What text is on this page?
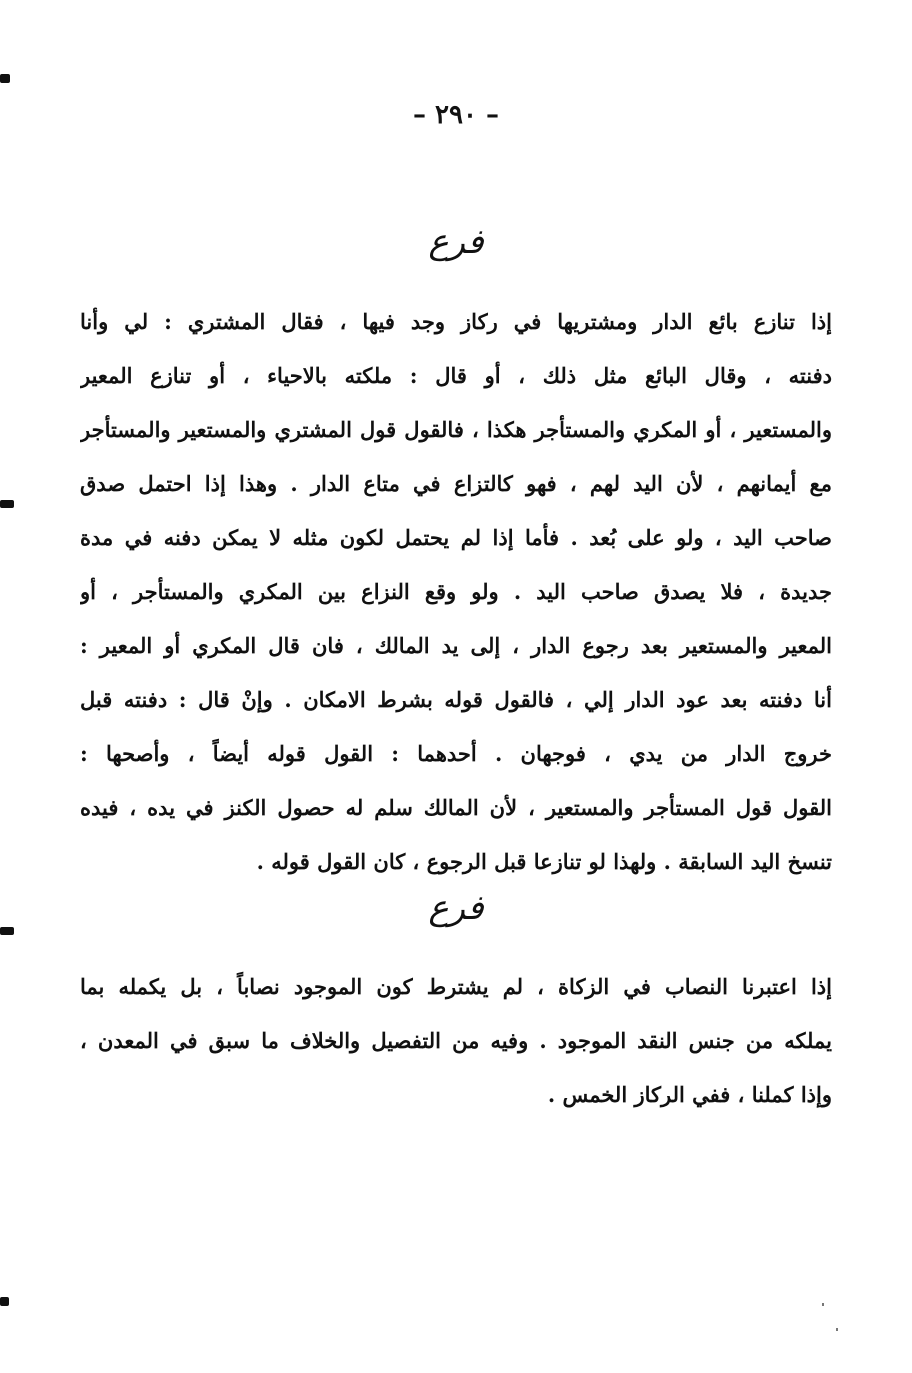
– ٢٩٠ –
فرع
إذا تنازع بائع الدار ومشتريها في ركاز وجد فيها ، فقال المشتري : لي وأنا
دفنته ، وقال البائع مثل ذلك ، أو قال : ملكته بالاحياء ، أو تنازع المعير
والمستعير ، أو المكري والمستأجر هكذا ، فالقول قول المشتري والمستعير والمستأجر
مع أيمانهم ، لأن اليد لهم ، فهو كالتزاع في متاع الدار . وهذا إذا احتمل صدق
صاحب اليد ، ولو على بُعد . فأما إذا لم يحتمل لكون مثله لا يمكن دفنه في مدة
جديدة ، فلا يصدق صاحب اليد . ولو وقع النزاع بين المكري والمستأجر ، أو
المعير والمستعير بعد رجوع الدار ، إلى يد المالك ، فان قال المكري أو المعير :
أنا دفنته بعد عود الدار إلي ، فالقول قوله بشرط الامكان . وإنْ قال : دفنته قبل
خروج الدار من يدي ، فوجهان . أحدهما : القول قوله أيضاً ، وأصحها :
القول قول المستأجر والمستعير ، لأن المالك سلم له حصول الكنز في يده ، فيده
تنسخ اليد السابقة . ولهذا لو تنازعا قبل الرجوع ، كان القول قوله .
فرع
إذا اعتبرنا النصاب في الزكاة ، لم يشترط كون الموجود نصاباً ، بل يكمله بما
يملكه من جنس النقد الموجود . وفيه من التفصيل والخلاف ما سبق في المعدن ،
وإذا كملنا ، ففي الركاز الخمس .
